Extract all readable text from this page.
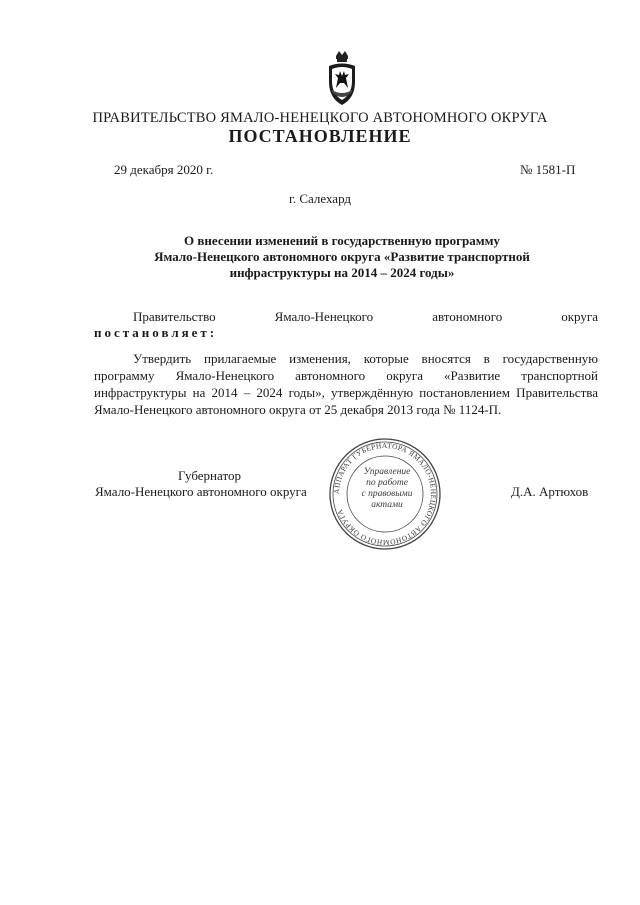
ПРАВИТЕЛЬСТВО ЯМАЛО-НЕНЕЦКОГО АВТОНОМНОГО ОКРУГА
ПОСТАНОВЛЕНИЕ
29 декабря 2020 г.	№ 1581-П
г. Салехард
О внесении изменений в государственную программу
Ямало-Ненецкого автономного округа «Развитие транспортной
инфраструктуры на 2014 – 2024 годы»
Правительство	Ямало-Ненецкого	автономного	округа
постановляет:
Утвердить прилагаемые изменения, которые вносятся в государственную программу Ямало-Ненецкого автономного округа «Развитие транспортной инфраструктуры на 2014 – 2024 годы», утверждённую постановлением Правительства Ямало-Ненецкого автономного округа от 25 декабря 2013 года № 1124-П.
Губернатор
Ямало-Ненецкого автономного округа	Д.А. Артюхов
АППАРАТ ГУБЕРНАТОРА ЯМАЛО-НЕНЕЦКОГО АВТОНОМНОГО ОКРУГА
Управление
по работе
с правовыми
актами
